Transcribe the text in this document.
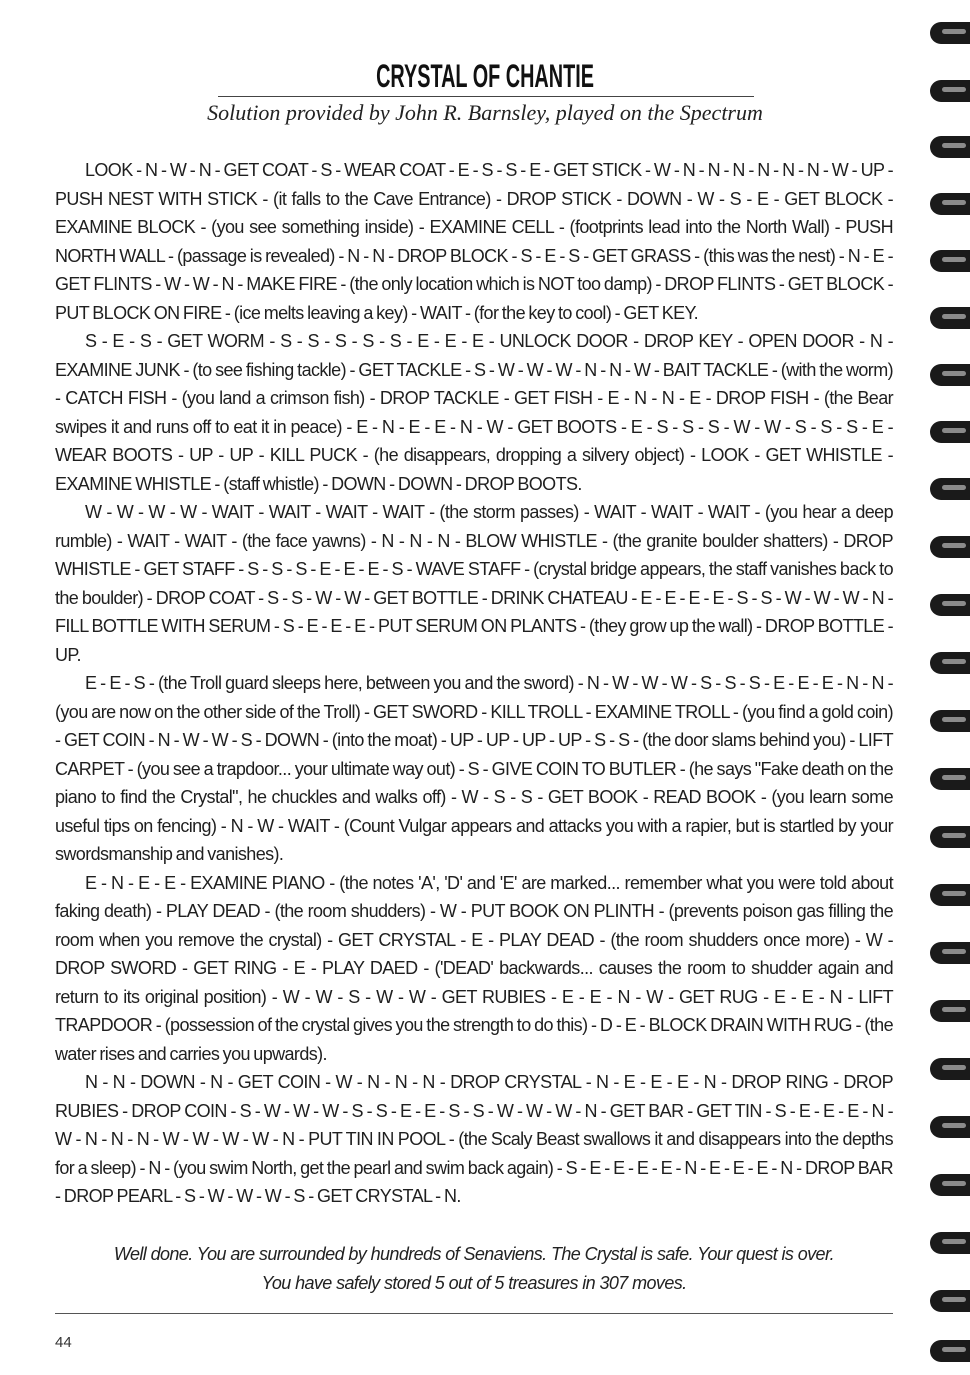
CRYSTAL OF CHANTIE
Solution provided by John R. Barnsley, played on the Spectrum

LOOK - N - W - N - GET COAT - S - WEAR COAT - E - S - S - E - GET STICK - W - N - N - N - N - N - N - W - UP - PUSH NEST WITH STICK - (it falls to the Cave Entrance) - DROP STICK - DOWN - W - S - E - GET BLOCK - EXAMINE BLOCK - (you see something inside) - EXAMINE CELL - (footprints lead into the North Wall) - PUSH NORTH WALL - (passage is revealed) - N - N - DROP BLOCK - S - E - S - GET GRASS - (this was the nest) - N - E - GET FLINTS - W - W - N - MAKE FIRE - (the only location which is NOT too damp) - DROP FLINTS - GET BLOCK - PUT BLOCK ON FIRE - (ice melts leaving a key) - WAIT - (for the key to cool) - GET KEY.

S - E - S - GET WORM - S - S - S - S - S - E - E - E - UNLOCK DOOR - DROP KEY - OPEN DOOR - N - EXAMINE JUNK - (to see fishing tackle) - GET TACKLE - S - W - W - W - N - N - W - BAIT TACKLE - (with the worm) - CATCH FISH - (you land a crimson fish) - DROP TACKLE - GET FISH - E - N - N - E - DROP FISH - (the Bear swipes it and runs off to eat it in peace) - E - N - E - E - N - W - GET BOOTS - E - S - S - S - W - W - S - S - S - E - WEAR BOOTS - UP - UP - KILL PUCK - (he disappears, dropping a silvery object) - LOOK - GET WHISTLE - EXAMINE WHISTLE - (staff whistle) - DOWN - DOWN - DROP BOOTS.

W - W - W - W - WAIT - WAIT - WAIT - WAIT - (the storm passes) - WAIT - WAIT - WAIT - (you hear a deep rumble) - WAIT - WAIT - (the face yawns) - N - N - N - BLOW WHISTLE - (the granite boulder shatters) - DROP WHISTLE - GET STAFF - S - S - S - E - E - E - S - WAVE STAFF - (crystal bridge appears, the staff vanishes back to the boulder) - DROP COAT - S - S - W - W - GET BOTTLE - DRINK CHATEAU - E - E - E - E - S - S - W - W - W - N - FILL BOTTLE WITH SERUM - S - E - E - E - PUT SERUM ON PLANTS - (they grow up the wall) - DROP BOTTLE - UP.

E - E - S - (the Troll guard sleeps here, between you and the sword) - N - W - W - W - S - S - S - E - E - E - N - N - (you are now on the other side of the Troll) - GET SWORD - KILL TROLL - EXAMINE TROLL - (you find a gold coin) - GET COIN - N - W - W - S - DOWN - (into the moat) - UP - UP - UP - UP - S - S - (the door slams behind you) - LIFT CARPET - (you see a trapdoor... your ultimate way out) - S - GIVE COIN TO BUTLER - (he says "Fake death on the piano to find the Crystal", he chuckles and walks off) - W - S - S - GET BOOK - READ BOOK - (you learn some useful tips on fencing) - N - W - WAIT - (Count Vulgar appears and attacks you with a rapier, but is startled by your swordsmanship and vanishes).

E - N - E - E - EXAMINE PIANO - (the notes 'A', 'D' and 'E' are marked... remember what you were told about faking death) - PLAY DEAD - (the room shudders) - W - PUT BOOK ON PLINTH - (prevents poison gas filling the room when you remove the crystal) - GET CRYSTAL - E - PLAY DEAD - (the room shudders once more) - W - DROP SWORD - GET RING - E - PLAY DAED - ('DEAD' backwards... causes the room to shudder again and return to its original position) - W - W - S - W - W - GET RUBIES - E - E - N - W - GET RUG - E - E - N - LIFT TRAPDOOR - (possession of the crystal gives you the strength to do this) - D - E - BLOCK DRAIN WITH RUG - (the water rises and carries you upwards).

N - N - DOWN - N - GET COIN - W - N - N - N - DROP CRYSTAL - N - E - E - E - N - DROP RING - DROP RUBIES - DROP COIN - S - W - W - W - S - S - E - E - S - S - W - W - W - N - GET BAR - GET TIN - S - E - E - E - N - W - N - N - N - W - W - W - W - N - PUT TIN IN POOL - (the Scaly Beast swallows it and disappears into the depths for a sleep) - N - (you swim North, get the pearl and swim back again) - S - E - E - E - E - N - E - E - E - N - DROP BAR - DROP PEARL - S - W - W - W - S - GET CRYSTAL - N.

Well done. You are surrounded by hundreds of Senaviens. The Crystal is safe. Your quest is over.
You have safely stored 5 out of 5 treasures in 307 moves.
44
